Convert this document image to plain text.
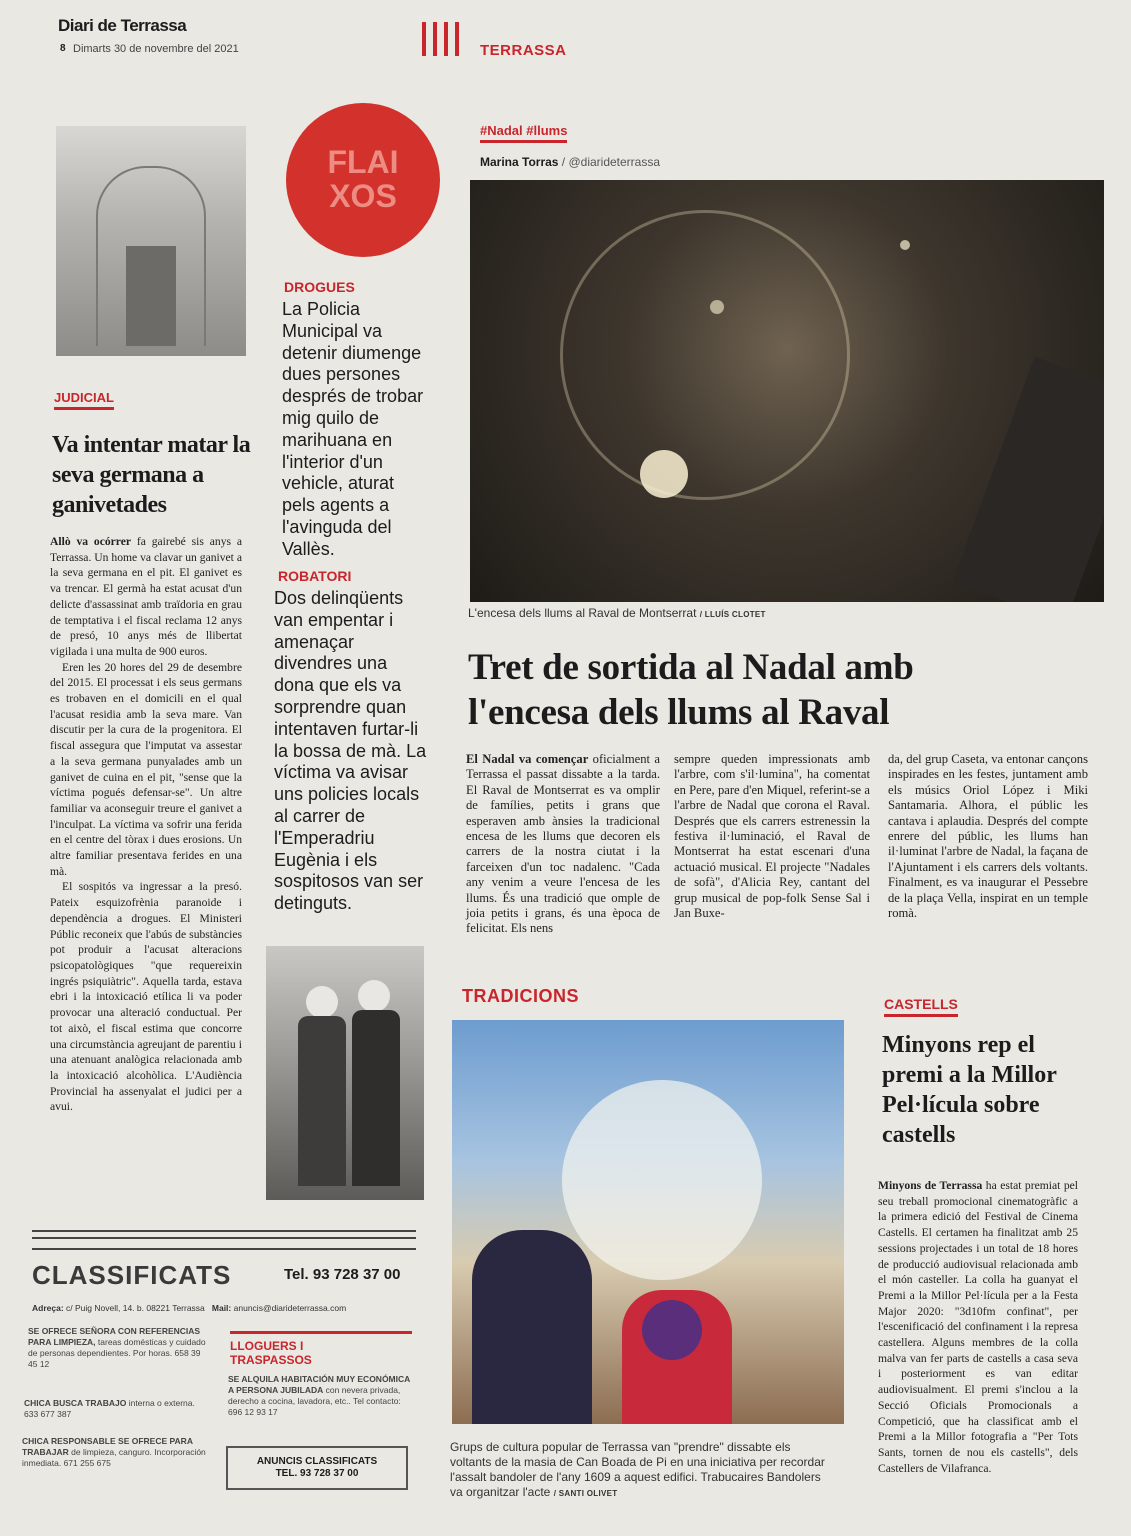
Diari de Terrassa
8 Dimarts 30 de novembre del 2021	TERRASSA
JUDICIAL
Va intentar matar la seva germana a ganivetades

Allò va ocórrer fa gairebé sis anys a Terrassa. Un home va clavar un ganivet a la seva germana en el pit. El ganivet es va trencar. El germà ha estat acusat d'un delicte d'assassinat amb traïdoria en grau de temptativa i el fiscal reclama 12 anys de presó, 10 anys més de llibertat vigilada i una multa de 900 euros.

Eren les 20 hores del 29 de desembre del 2015. El processat i els seus germans es trobaven en el domicili en el qual l'acusat residia amb la seva mare. Van discutir per la cura de la progenitora. El fiscal assegura que l'imputat va assestar a la seva germana punyalades amb un ganivet de cuina en el pit, "sense que la víctima pogués defensar-se". Un altre familiar va aconseguir treure el ganivet a l'inculpat. La víctima va sofrir una ferida en el centre del tòrax i dues erosions. Un altre familiar presentava ferides en una mà.

El sospitós va ingressar a la presó. Pateix esquizofrènia paranoide i dependència a drogues. El Ministeri Públic reconeix que l'abús de substàncies pot produir a l'acusat alteracions psicopatològiques "que requereixin ingrés psiquiàtric". Aquella tarda, estava ebri i la intoxicació etílica li va poder provocar una alteració conductual. Per tot això, el fiscal estima que concorre una circumstància agreujant de parentiu i una atenuant analògica relacionada amb la intoxicació alcohòlica. L'Audiència Provincial ha assenyalat el judici per a avui.

FLAI
XOS
DROGUES
La Policia Municipal va detenir diumenge dues persones després de trobar mig quilo de marihuana en l'interior d'un vehicle, aturat pels agents a l'avinguda del Vallès.
ROBATORI
Dos delinqüents van empentar i amenaçar divendres una dona que els va sorprendre quan intentaven furtar-li la bossa de mà. La víctima va avisar uns policies locals al carrer de l'Emperadriu Eugènia i els sospitosos van ser detinguts.
#Nadal #llums
Marina Torras / @diarideterrassa
L'encesa dels llums al Raval de Montserrat / LLUÍS CLOTET
Tret de sortida al Nadal amb l'encesa dels llums al Raval
El Nadal va començar oficialment a Terrassa el passat dissabte a la tarda. El Raval de Montserrat es va omplir de famílies, petits i grans que esperaven amb ànsies la tradicional encesa de les llums que decoren els carrers de la nostra ciutat i la farceixen d'un toc nadalenc. "Cada any venim a veure l'encesa de les llums. És una tradició que omple de joia petits i grans, és una època de felicitat. Els nens
sempre queden impressionats amb l'arbre, com s'il·lumina", ha comentat en Pere, pare d'en Miquel, referint-se a l'arbre de Nadal que corona el Raval. Després que els carrers estrenessin la festiva il·luminació, el Raval de Montserrat ha estat escenari d'una actuació musical. El projecte "Nadales de sofà", d'Alicia Rey, cantant del grup musical de pop-folk Sense Sal i Jan Buxe-
da, del grup Caseta, va entonar cançons inspirades en les festes, juntament amb els músics Oriol López i Miki Santamaria. Alhora, el públic les cantava i aplaudia. Després del compte enrere del públic, les llums han il·luminat l'arbre de Nadal, la façana de l'Ajuntament i els carrers dels voltants. Finalment, es va inaugurar el Pessebre de la plaça Vella, inspirat en un temple romà.
TRADICIONS
Grups de cultura popular de Terrassa van "prendre" dissabte els voltants de la masia de Can Boada de Pi en una iniciativa per recordar l'assalt bandoler de l'any 1609 a aquest edifici. Trabucaires Bandolers va organitzar l'acte / SANTI OLIVET
CASTELLS
Minyons rep el premi a la Millor Pel·lícula sobre castells
Minyons de Terrassa ha estat premiat pel seu treball promocional cinematogràfic a la primera edició del Festival de Cinema Castells. El certamen ha finalitzat amb 25 sessions projectades i un total de 18 hores de producció audiovisual relacionada amb el món casteller. La colla ha guanyat el Premi a la Millor Pel·lícula per a la Festa Major 2020: "3d10fm confinat", per l'escenificació del confinament i la represa castellera. Alguns membres de la colla malva van fer parts de castells a casa seva i posteriorment es van editar audiovisualment. El premi s'inclou a la Secció Oficials Promocionals a Competició, que ha classificat amb el Premi a la Millor fotografia a "Per Tots Sants, tornen de nou els castells", dels Castellers de Vilafranca.
CLASSIFICATS	Tel. 93 728 37 00
Adreça: c/ Puig Novell, 14. b. 08221 Terrassa Mail: anuncis@diarideterrassa.com
SE OFRECE SEÑORA CON REFERENCIAS PARA LIMPIEZA, tareas domésticas y cuidado de personas dependientes. Por horas. 658 39 45 12
CHICA BUSCA TRABAJO interna o externa. 633 677 387
CHICA RESPONSABLE SE OFRECE PARA TRABAJAR de limpieza, canguro. Incorporación inmediata. 671 255 675
LLOGUERS I
TRASPASSOS
SE ALQUILA HABITACIÓN MUY ECONÓMICA A PERSONA JUBILADA con nevera privada, derecho a cocina, lavadora, etc.. Tel contacto: 696 12 93 17
ANUNCIS CLASSIFICATS
TEL. 93 728 37 00
